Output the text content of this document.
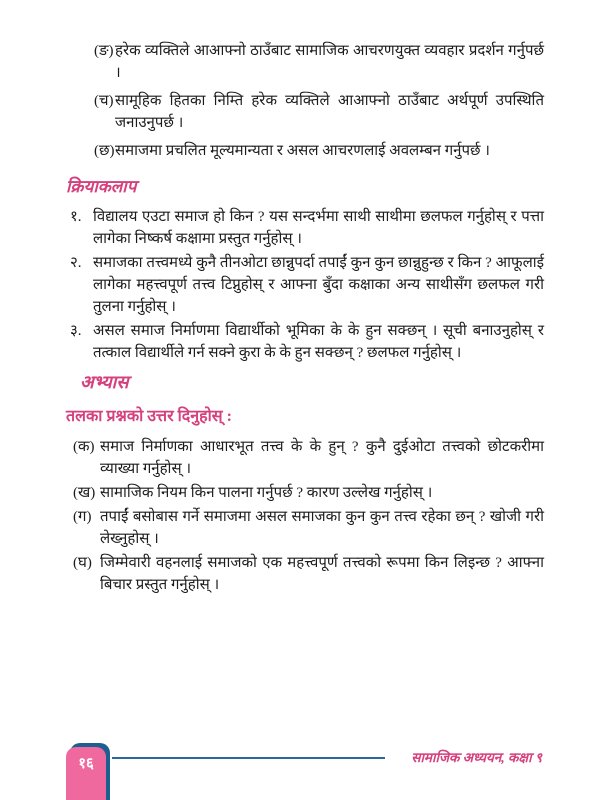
(ङ) हरेक व्यक्तिले आआफ्नो ठाउँबाट सामाजिक आचरणयुक्त व्यवहार प्रदर्शन गर्नुपर्छ ।
(च) सामूहिक हितका निम्ति हरेक व्यक्तिले आआफ्नो ठाउँबाट अर्थपूर्ण उपस्थिति जनाउनुपर्छ ।
(छ) समाजमा प्रचलित मूल्यमान्यता र असल आचरणलाई अवलम्बन गर्नुपर्छ ।
क्रियाकलाप
१. विद्यालय एउटा समाज हो किन ? यस सन्दर्भमा साथी साथीमा छलफल गर्नुहोस् र पत्ता लागेका निष्कर्ष कक्षामा प्रस्तुत गर्नुहोस् ।
२. समाजका तत्त्वमध्ये कुनै तीनओटा छान्नुपर्दा तपाईं कुन कुन छान्नुहुन्छ र किन ? आफूलाई लागेका महत्त्वपूर्ण तत्त्व टिप्नुहोस् र आफ्ना बुँदा कक्षाका अन्य साथीसँग छलफल गरी तुलना गर्नुहोस् ।
३. असल समाज निर्माणमा विद्यार्थीको भूमिका के के हुन सक्छन् । सूची बनाउनुहोस् र तत्काल विद्यार्थीले गर्न सक्ने कुरा के के हुन सक्छन् ? छलफल गर्नुहोस् ।
अभ्यास
तलका प्रश्नको उत्तर दिनुहोस् :
(क) समाज निर्माणका आधारभूत तत्त्व के के हुन् ? कुनै दुईओटा तत्त्वको छोटकरीमा व्याख्या गर्नुहोस् ।
(ख) सामाजिक नियम किन पालना गर्नुपर्छ ? कारण उल्लेख गर्नुहोस् ।
(ग) तपाईं बसोबास गर्ने समाजमा असल समाजका कुन कुन तत्त्व रहेका छन् ? खोजी गरी लेख्नुहोस् ।
(घ) जिम्मेवारी वहनलाई समाजको एक महत्त्वपूर्ण तत्त्वको रूपमा किन लिइन्छ ? आफ्ना बिचार प्रस्तुत गर्नुहोस् ।
१६	सामाजिक अध्ययन, कक्षा ९
